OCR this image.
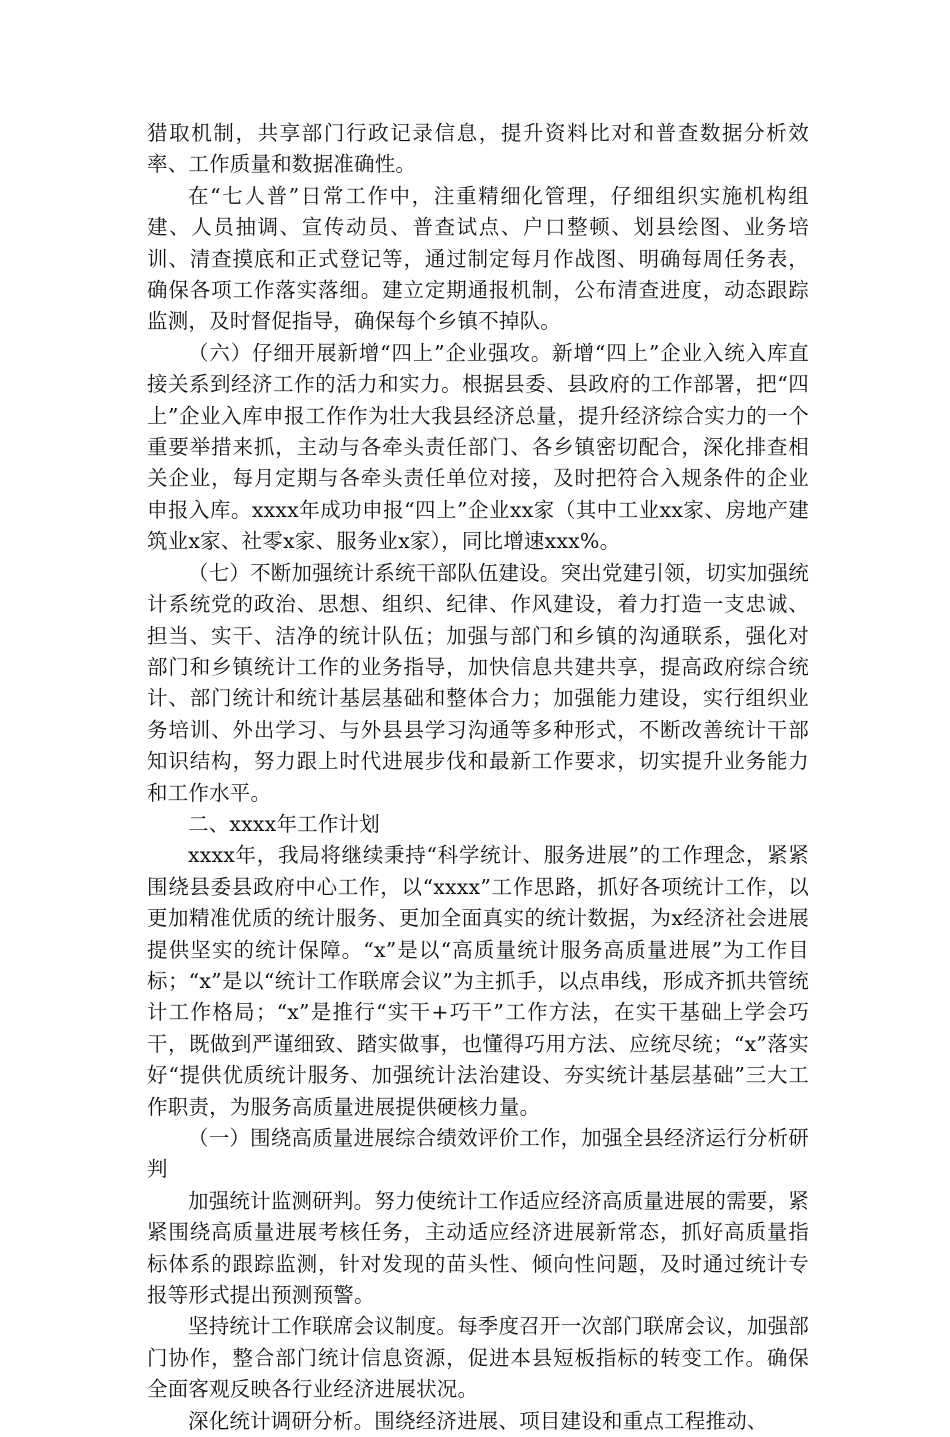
猎取机制，共享部门行政记录信息，提升资料比对和普查数据分析效率、工作质量和数据准确性。

在“七人普”日常工作中，注重精细化管理，仔细组织实施机构组建、人员抽调、宣传动员、普查试点、户口整顿、划县绘图、业务培训、清查摸底和正式登记等，通过制定每月作战图、明确每周任务表，确保各项工作落实落细。建立定期通报机制，公布清查进度，动态跟踪监测，及时督促指导，确保每个乡镇不掉队。

（六）仔细开展新增“四上”企业强攻。新增“四上”企业入统入库直接关系到经济工作的活力和实力。根据县委、县政府的工作部署，把“四上”企业入库申报工作作为壮大我县经济总量，提升经济综合实力的一个重要举措来抓，主动与各牵头责任部门、各乡镇密切配合，深化排查相关企业，每月定期与各牵头责任单位对接，及时把符合入规条件的企业申报入库。xxxx年成功申报“四上”企业xx家（其中工业xx家、房地产建筑业x家、社零x家、服务业x家），同比增速xxx%。

（七）不断加强统计系统干部队伍建设。突出党建引领，切实加强统计系统党的政治、思想、组织、纪律、作风建设，着力打造一支忠诚、担当、实干、洁净的统计队伍；加强与部门和乡镇的沟通联系，强化对部门和乡镇统计工作的业务指导，加快信息共建共享，提高政府综合统计、部门统计和统计基层基础和整体合力；加强能力建设，实行组织业务培训、外出学习、与外县县学习沟通等多种形式，不断改善统计干部知识结构，努力跟上时代进展步伐和最新工作要求，切实提升业务能力和工作水平。

二、xxxx年工作计划

xxxx年，我局将继续秉持“科学统计、服务进展”的工作理念，紧紧围绕县委县政府中心工作，以“xxxx”工作思路，抓好各项统计工作，以更加精准优质的统计服务、更加全面真实的统计数据，为x经济社会进展提供坚实的统计保障。“x”是以“高质量统计服务高质量进展”为工作目标；“x”是以“统计工作联席会议”为主抓手，以点串线，形成齐抓共管统计工作格局；“x”是推行“实干+巧干”工作方法，在实干基础上学会巧干，既做到严谨细致、踏实做事，也懂得巧用方法、应统尽统；“x”落实好“提供优质统计服务、加强统计法治建设、夯实统计基层基础”三大工作职责，为服务高质量进展提供硬核力量。

（一）围绕高质量进展综合绩效评价工作，加强全县经济运行分析研判

加强统计监测研判。努力使统计工作适应经济高质量进展的需要，紧紧围绕高质量进展考核任务，主动适应经济进展新常态，抓好高质量指标体系的跟踪监测，针对发现的苗头性、倾向性问题，及时通过统计专报等形式提出预测预警。

坚持统计工作联席会议制度。每季度召开一次部门联席会议，加强部门协作，整合部门统计信息资源，促进本县短板指标的转变工作。确保全面客观反映各行业经济进展状况。

深化统计调研分析。围绕经济进展、项目建设和重点工程推动、
